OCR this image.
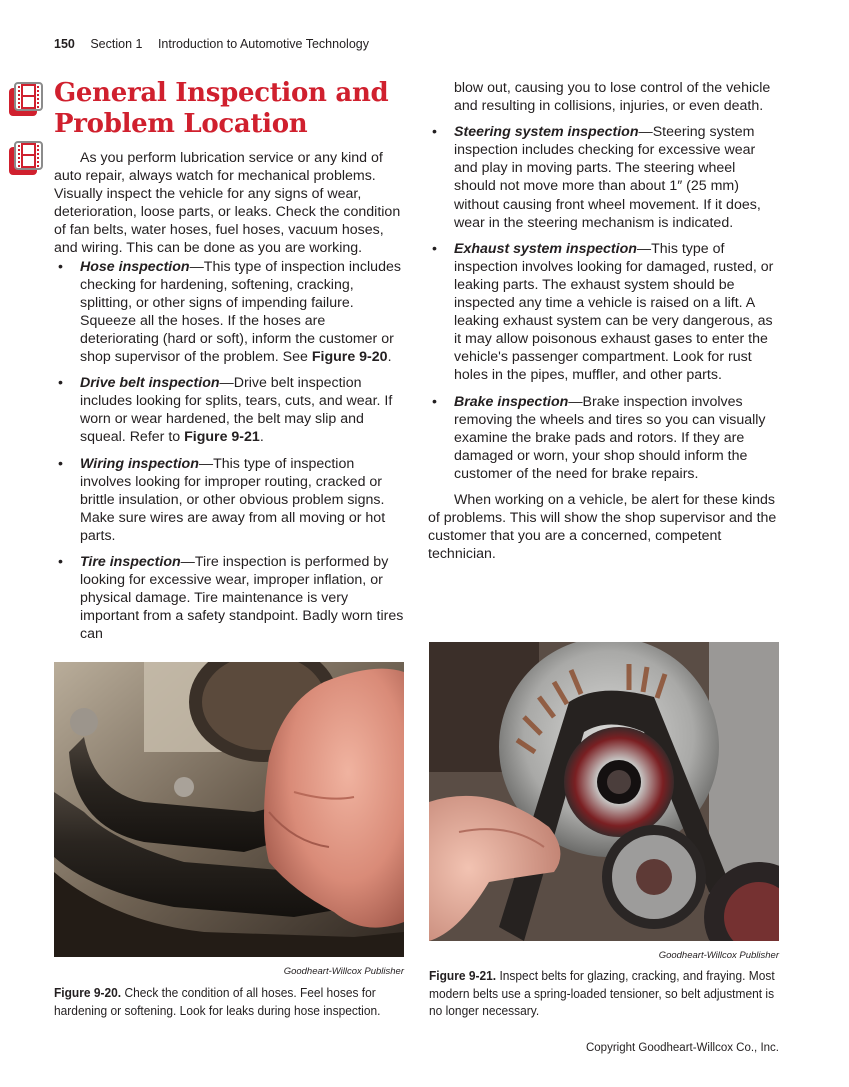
150 Section 1 Introduction to Automotive Technology
General Inspection and Problem Location

As you perform lubrication service or any kind of auto repair, always watch for mechanical problems. Visually inspect the vehicle for any signs of wear, deterioration, loose parts, or leaks. Check the condition of fan belts, water hoses, fuel hoses, vacuum hoses, and wiring. This can be done as you are working.

• Hose inspection—This type of inspection includes checking for hardening, softening, cracking, splitting, or other signs of impending failure. Squeeze all the hoses. If the hoses are deteriorating (hard or soft), inform the customer or shop supervisor of the problem. See Figure 9-20.
• Drive belt inspection—Drive belt inspection includes looking for splits, tears, cuts, and wear. If worn or wear hardened, the belt may slip and squeal. Refer to Figure 9-21.
• Wiring inspection—This type of inspection involves looking for improper routing, cracked or brittle insulation, or other obvious problem signs. Make sure wires are away from all moving or hot parts.
• Tire inspection—Tire inspection is performed by looking for excessive wear, improper inflation, or physical damage. Tire maintenance is very important from a safety standpoint. Badly worn tires can
blow out, causing you to lose control of the vehicle and resulting in collisions, injuries, or even death.
• Steering system inspection—Steering system inspection includes checking for excessive wear and play in moving parts. The steering wheel should not move more than about 1″ (25 mm) without causing front wheel movement. If it does, wear in the steering mechanism is indicated.
• Exhaust system inspection—This type of inspection involves looking for damaged, rusted, or leaking parts. The exhaust system should be inspected any time a vehicle is raised on a lift. A leaking exhaust system can be very dangerous, as it may allow poisonous exhaust gases to enter the vehicle's passenger compartment. Look for rust holes in the pipes, muffler, and other parts.
• Brake inspection—Brake inspection involves removing the wheels and tires so you can visually examine the brake pads and rotors. If they are damaged or worn, your shop should inform the customer of the need for brake repairs.

When working on a vehicle, be alert for these kinds of problems. This will show the shop supervisor and the customer that you are a concerned, competent technician.

Goodheart-Willcox Publisher
Figure 9-20. Check the condition of all hoses. Feel hoses for hardening or softening. Look for leaks during hose inspection.
Goodheart-Willcox Publisher
Figure 9-21. Inspect belts for glazing, cracking, and fraying. Most modern belts use a spring-loaded tensioner, so belt adjustment is no longer necessary.
Copyright Goodheart-Willcox Co., Inc.
